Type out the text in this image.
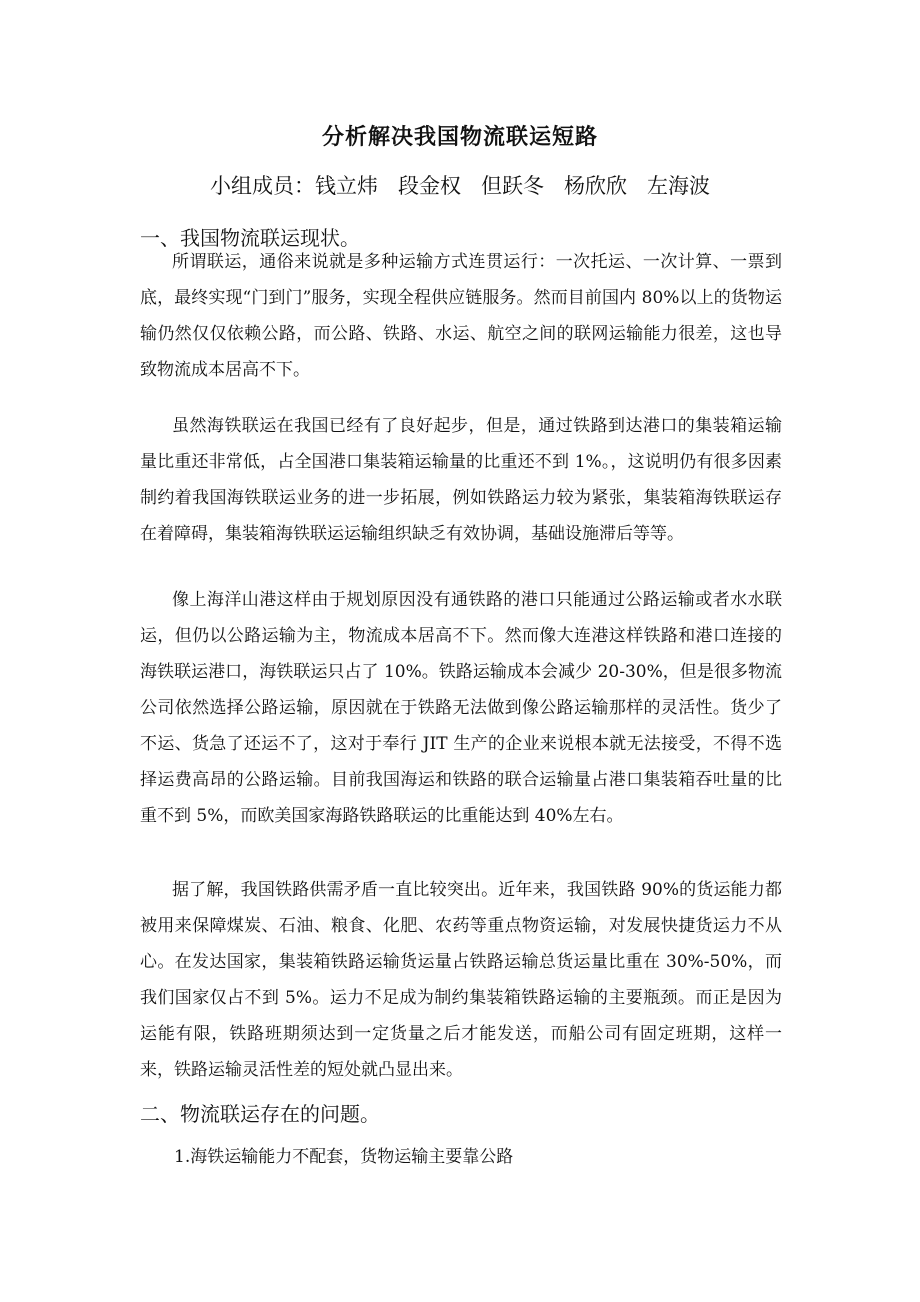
分析解决我国物流联运短路
小组成员：钱立炜 段金权 但跃冬 杨欣欣 左海波
一、我国物流联运现状。

所谓联运，通俗来说就是多种运输方式连贯运行：一次托运、一次计算、一票到底，最终实现“门到门”服务，实现全程供应链服务。然而目前国内 80%以上的货物运输仍然仅仅依赖公路，而公路、铁路、水运、航空之间的联网运输能力很差，这也导致物流成本居高不下。

虽然海铁联运在我国已经有了良好起步，但是，通过铁路到达港口的集装箱运输量比重还非常低，占全国港口集装箱运输量的比重还不到 1%。，这说明仍有很多因素制约着我国海铁联运业务的进一步拓展，例如铁路运力较为紧张，集装箱海铁联运存在着障碍，集装箱海铁联运运输组织缺乏有效协调，基础设施滞后等等。

像上海洋山港这样由于规划原因没有通铁路的港口只能通过公路运输或者水水联运，但仍以公路运输为主，物流成本居高不下。然而像大连港这样铁路和港口连接的海铁联运港口，海铁联运只占了 10%。铁路运输成本会减少 20-30%，但是很多物流公司依然选择公路运输，原因就在于铁路无法做到像公路运输那样的灵活性。货少了不运、货急了还运不了，这对于奉行 JIT 生产的企业来说根本就无法接受，不得不选择运费高昂的公路运输。目前我国海运和铁路的联合运输量占港口集装箱吞吐量的比重不到 5%，而欧美国家海路铁路联运的比重能达到 40%左右。

据了解，我国铁路供需矛盾一直比较突出。近年来，我国铁路 90%的货运能力都被用来保障煤炭、石油、粮食、化肥、农药等重点物资运输，对发展快捷货运力不从心。在发达国家，集装箱铁路运输货运量占铁路运输总货运量比重在 30%-50%，而我们国家仅占不到 5%。运力不足成为制约集装箱铁路运输的主要瓶颈。而正是因为运能有限，铁路班期须达到一定货量之后才能发送，而船公司有固定班期，这样一来，铁路运输灵活性差的短处就凸显出来。

二、物流联运存在的问题。
1.海铁运输能力不配套，货物运输主要靠公路
